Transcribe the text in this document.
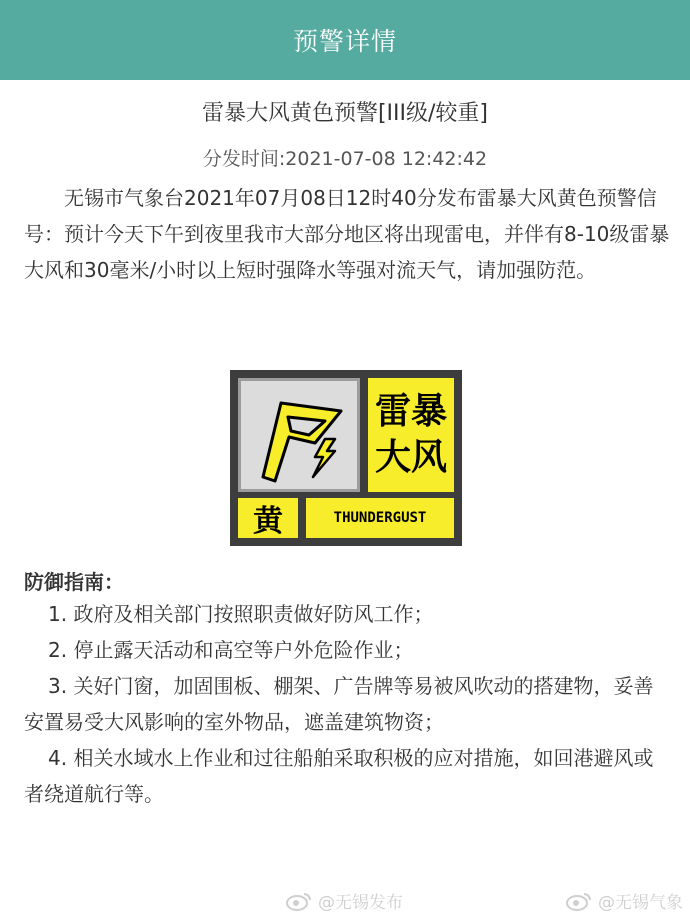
预警详情
雷暴大风黄色预警[III级/较重]
分发时间:2021-07-08 12:42:42

无锡市气象台2021年07月08日12时40分发布雷暴大风黄色预警信号：预计今天下午到夜里我市大部分地区将出现雷电，并伴有8-10级雷暴大风和30毫米/小时以上短时强降水等强对流天气，请加强防范。

雷暴
大风
黄	THUNDERGUST
防御指南：
1. 政府及相关部门按照职责做好防风工作；
2. 停止露天活动和高空等户外危险作业；
3. 关好门窗，加固围板、棚架、广告牌等易被风吹动的搭建物，妥善安置易受大风影响的室外物品，遮盖建筑物资；
4. 相关水域水上作业和过往船舶采取积极的应对措施，如回港避风或者绕道航行等。
@无锡发布	@无锡气象
